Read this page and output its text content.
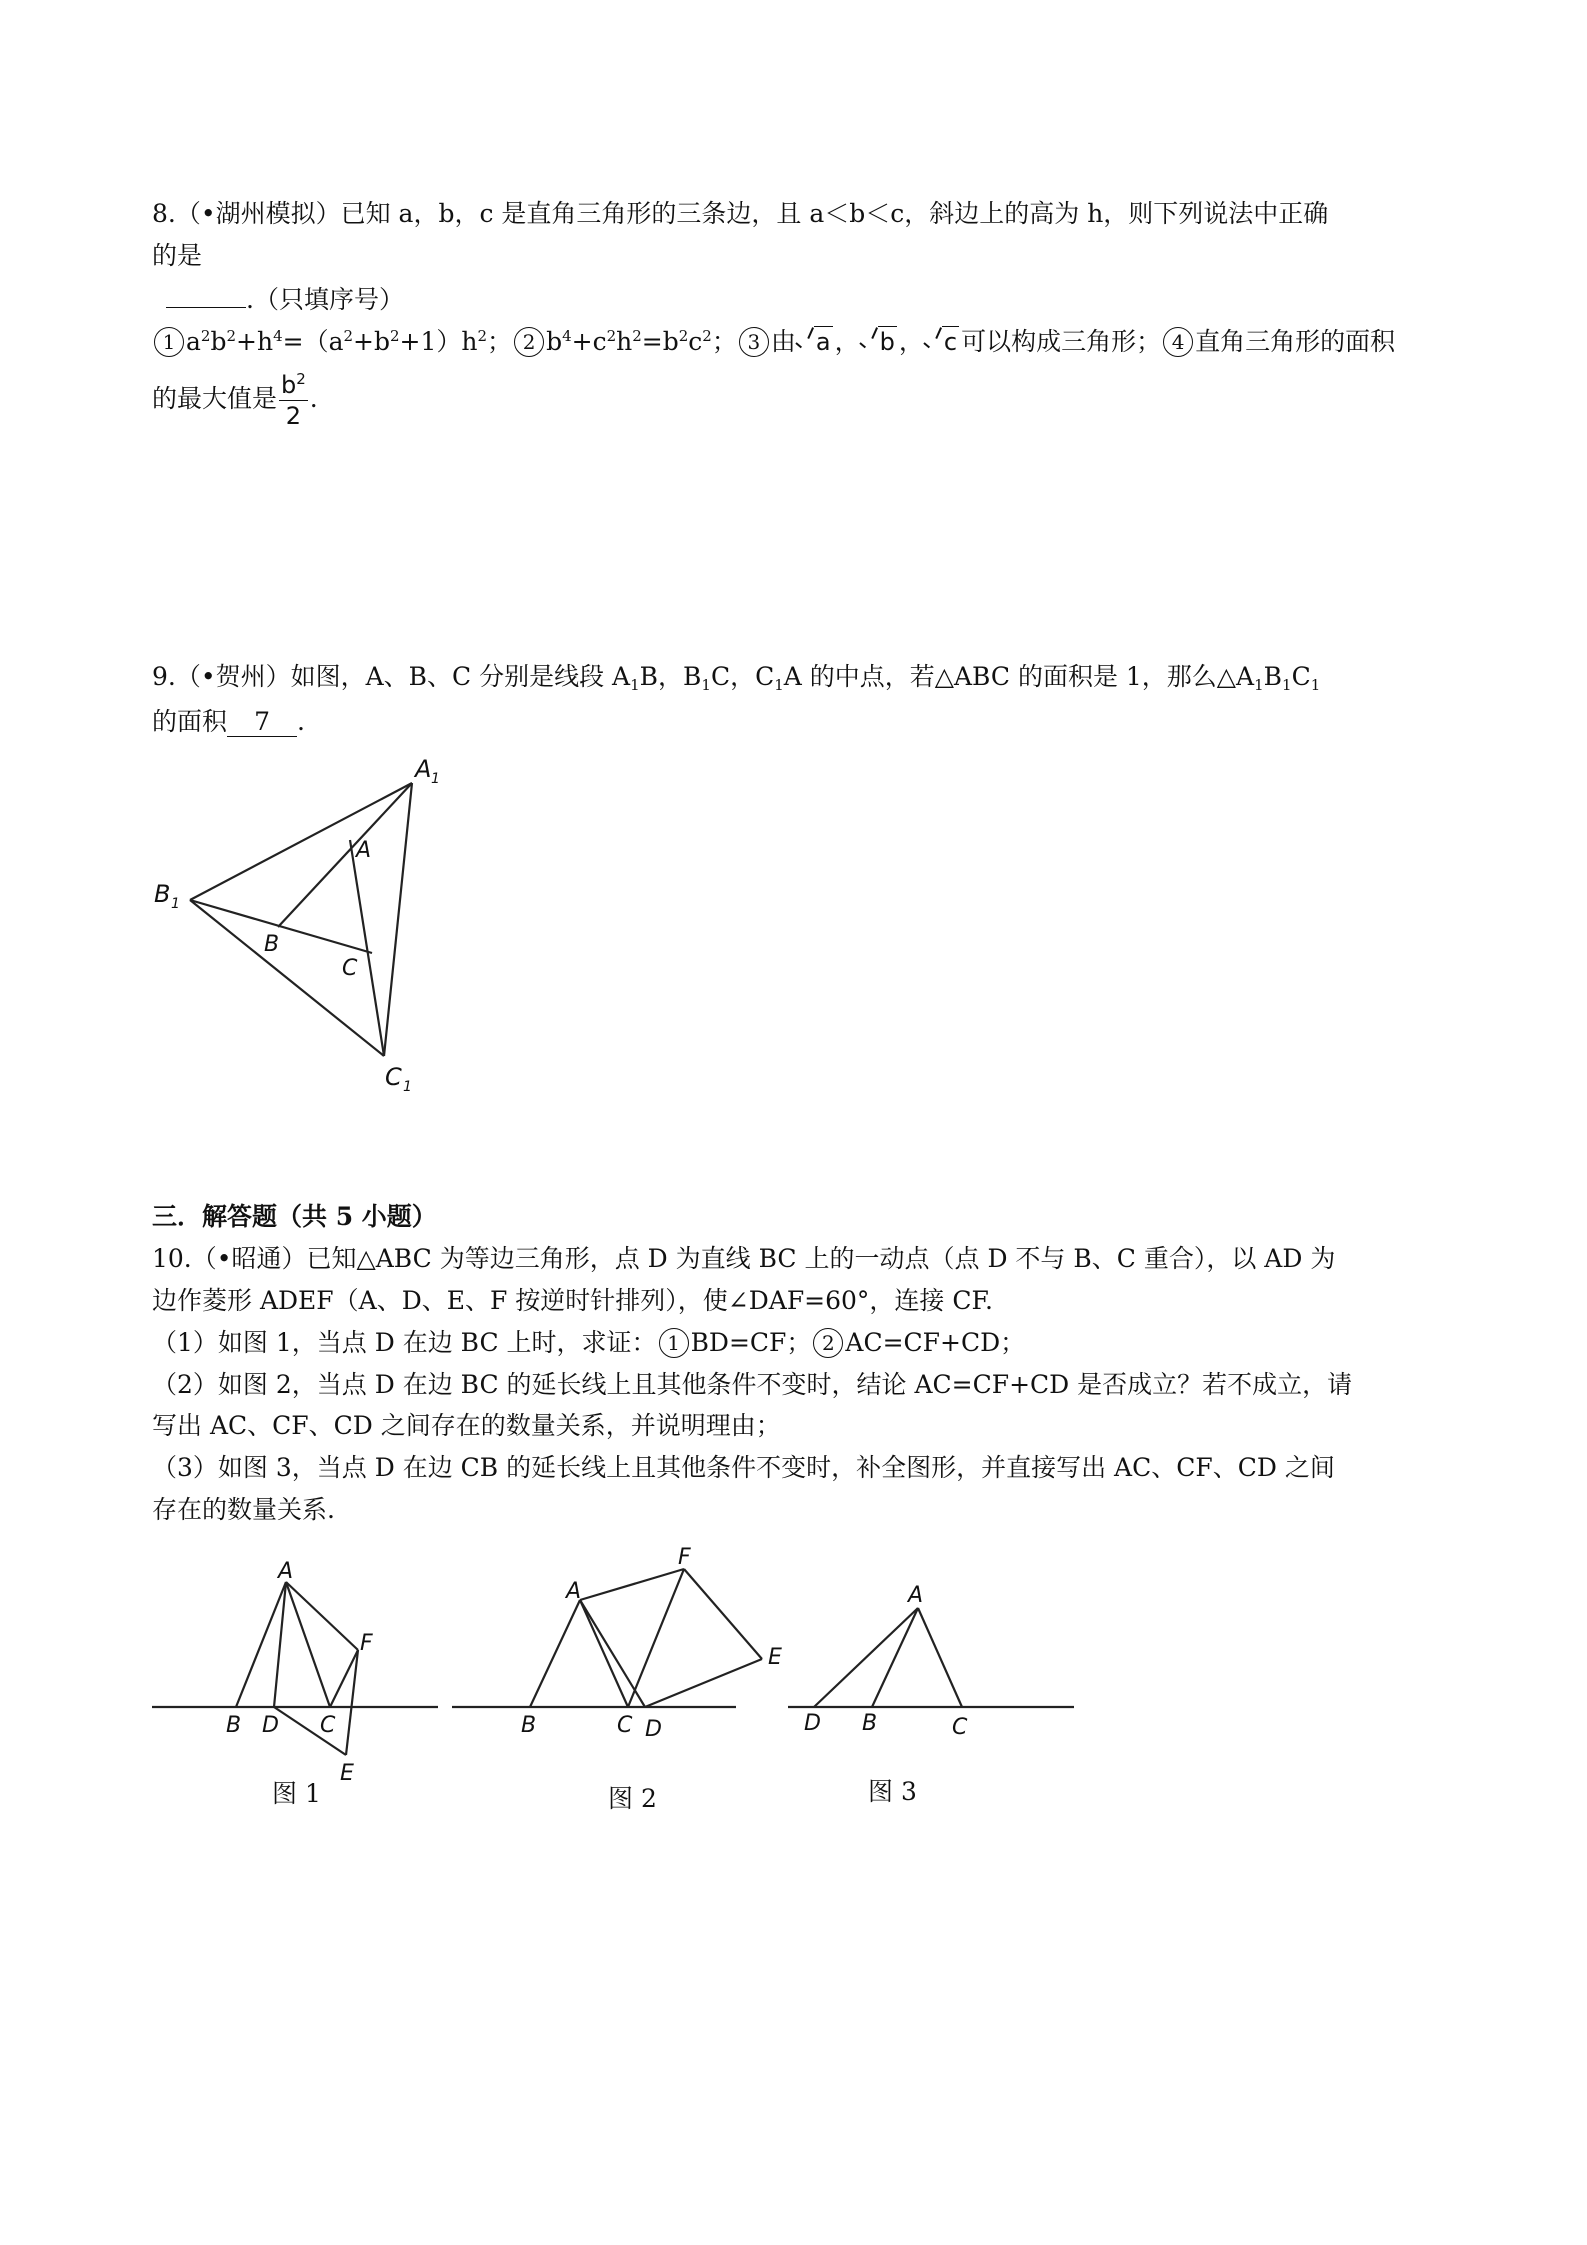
8.（•湖州模拟）已知 a，b，c 是直角三角形的三条边，且 a＜b＜c，斜边上的高为 h，则下列说法中正确
的是
.（只填序号）
1 $a^2b^2+h^4=(a^2+b^2+1)h^2$； 2 $b^4+c^2h^2=b^2c^2$； 3 由 a ， b ， c 可以构成三角形； 4 直角三角形的面积
的最大值是 $\frac{b^2}{2}$ .
9.（•贺州）如图，A、B、C 分别是线段 $A_1B$，$B_1C$，$C_1A$ 的中点，若△ABC 的面积是 1，那么$\triangle A_1B_1C_1$
的面积 7 .
A 1
B 1
C 1
A
B
C
三．解答题（共 5 小题）
10.（•昭通）已知△ABC 为等边三角形，点 D 为直线 BC 上的一动点（点 D 不与 B、C 重合），以 AD 为
边作菱形 ADEF（A、D、E、F 按逆时针排列），使∠DAF=60°，连接 CF.
（1）如图 1，当点 D 在边 BC 上时，求证： 1 BD=CF； 2 AC=CF+CD；
（2）如图 2，当点 D 在边 BC 的延长线上且其他条件不变时，结论 AC=CF+CD 是否成立？若不成立，请
写出 AC、CF、CD 之间存在的数量关系，并说明理由；
（3）如图 3，当点 D 在边 CB 的延长线上且其他条件不变时，补全图形，并直接写出 AC、CF、CD 之间
存在的数量关系.
A
B D C
F
E
图 1
A
F
E
B	C D
图 2
A
D B	C
图 3
